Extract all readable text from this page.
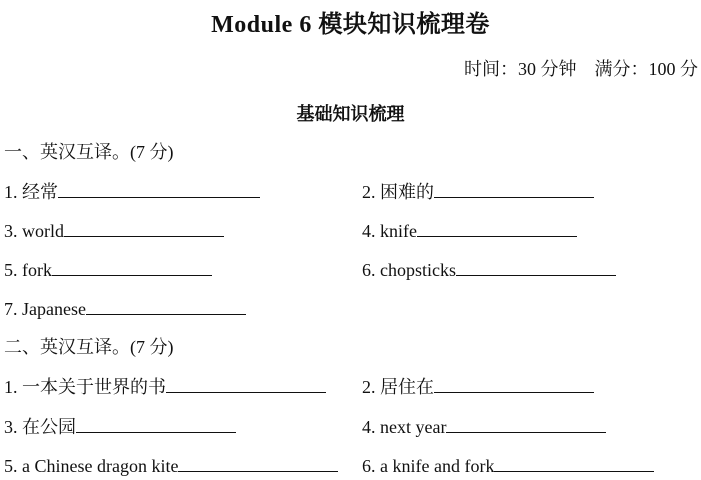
Module 6 模块知识梳理卷
时间：30 分钟　满分：100 分
基础知识梳理
一、英汉互译。(7 分)
1. 经常	2. 困难的
3. world	4. knife
5. fork	6. chopsticks
7. Japanese
二、英汉互译。(7 分)
1. 一本关于世界的书	2. 居住在
3. 在公园	4. next year
5. a Chinese dragon kite	6. a knife and fork
